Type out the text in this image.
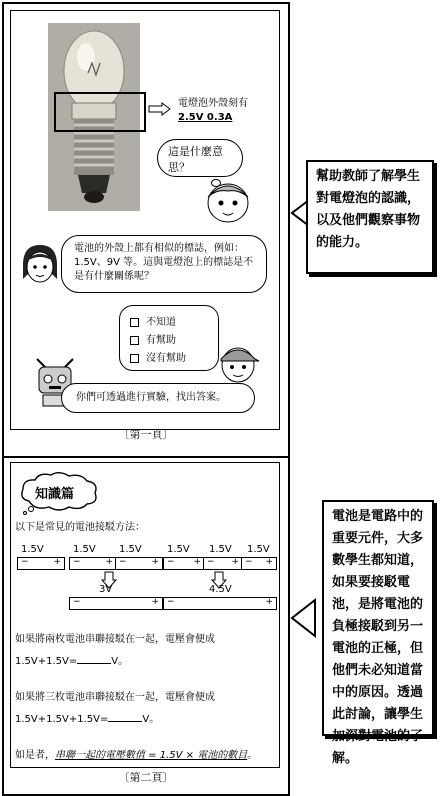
電燈泡外殼刻有
2.5V 0.3A
這是什麼意思？
電池的外殼上都有相似的標誌，例如：1.5V、9V 等。這與電燈泡上的標誌是不是有什麼關係呢？
不知道
有幫助
沒有幫助
你們可透過進行實驗，找出答案。
〔第一頁〕
知識篇
以下是常見的電池接駁方法：
1.5V
−	+
1.5V 1.5V
−	+ −	+
3V
−	+
1.5V 1.5V 1.5V
− + − + − +
4.5V
−	+
如果將兩枚電池串聯接駁在一起，電壓會便成
1.5V+1.5V=	V。
如果將三枚電池串聯接駁在一起，電壓會便成
1.5V+1.5V+1.5V=	V。
如是者，串聯一起的電壓數值 = 1.5V × 電池的數目。
〔第二頁〕
幫助教師了解學生對電燈泡的認識，以及他們觀察事物的能力。
電池是電路中的重要元件，大多數學生都知道，如果要接駁電池，是將電池的負極接駁到另一電池的正極，但他們未必知道當中的原因。透過此討論，讓學生加深對電池的了解。
